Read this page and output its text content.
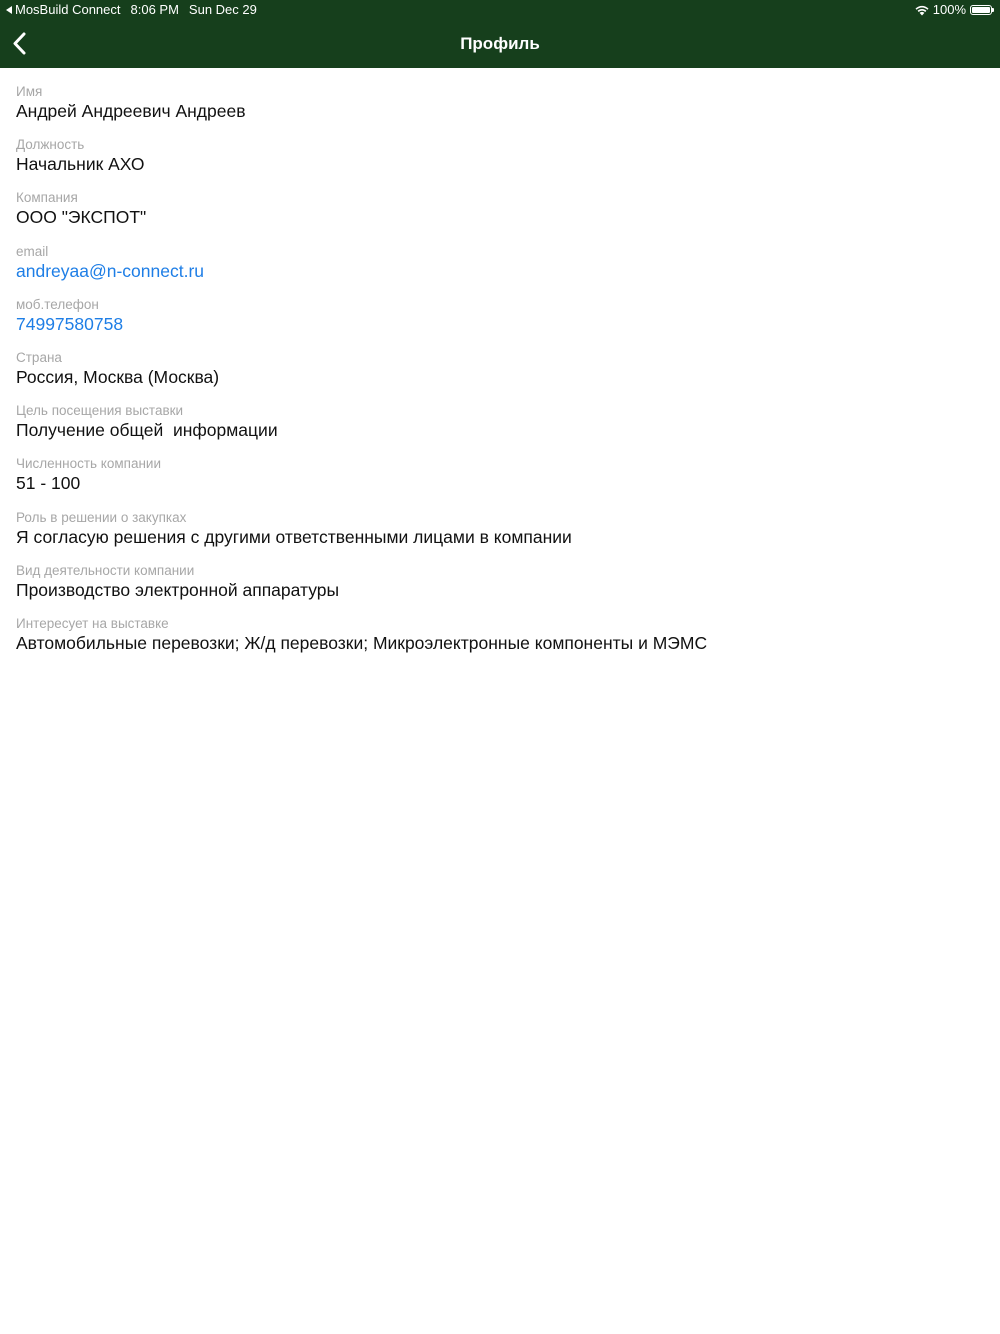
MosBuild Connect 8:06 PM Sun Dec 29	100%
Профиль
Имя
Андрей Андреевич Андреев
Должность
Начальник АХО
Компания
ООО "ЭКСПОТ"
email
andreyaa@n-connect.ru
моб.телефон
74997580758
Страна
Россия, Москва (Москва)
Цель посещения выставки
Получение общей  информации
Численность компании
51 - 100
Роль в решении о закупках
Я согласую решения с другими ответственными лицами в компании
Вид деятельности компании
Производство электронной аппаратуры
Интересует на выставке
Автомобильные перевозки; Ж/д перевозки; Микроэлектронные компоненты и МЭМС
